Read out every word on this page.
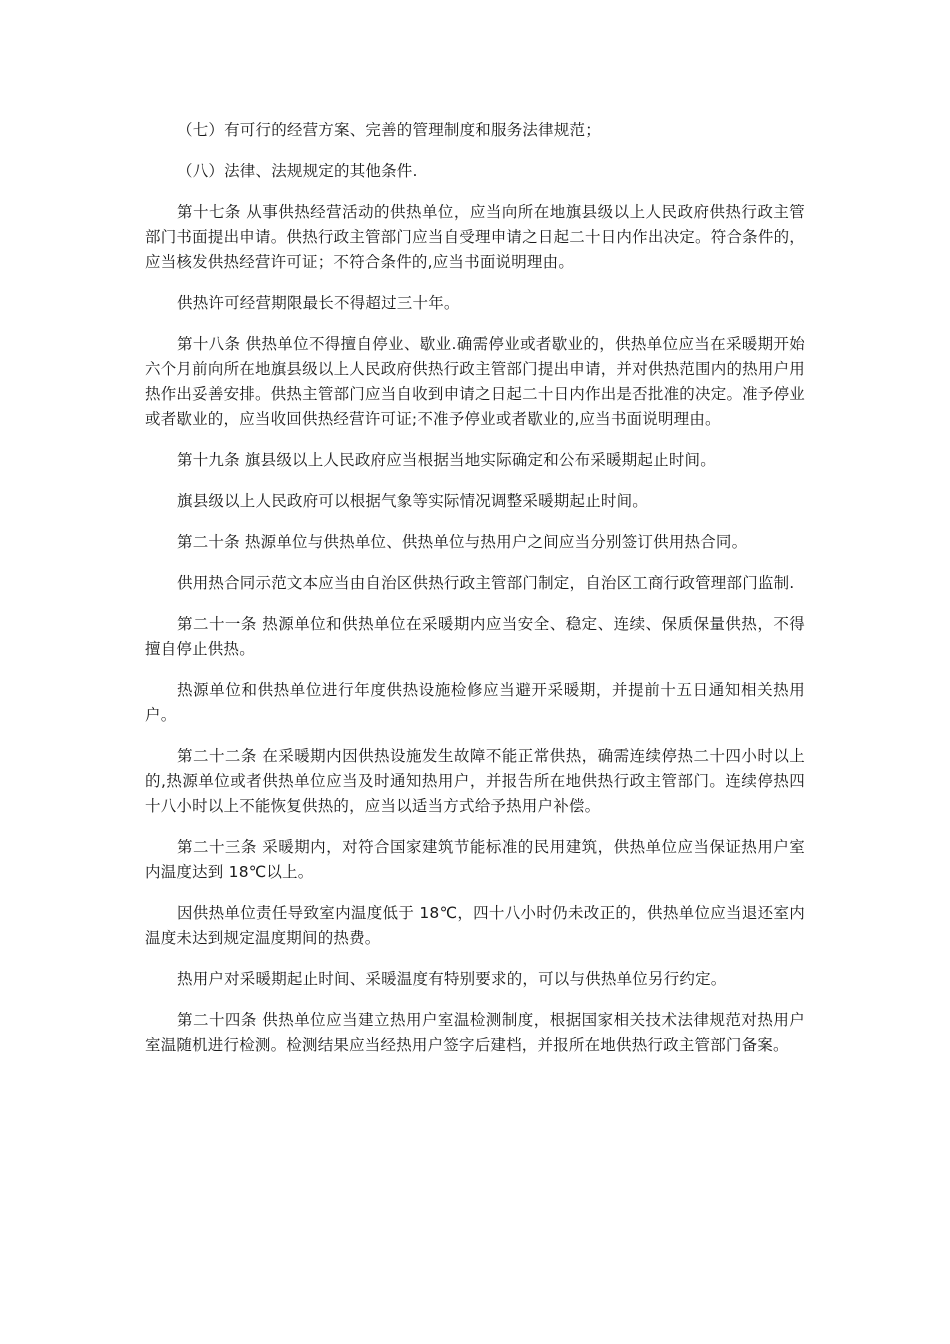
（七）有可行的经营方案、完善的管理制度和服务法律规范；

（八）法律、法规规定的其他条件.

第十七条 从事供热经营活动的供热单位，应当向所在地旗县级以上人民政府供热行政主管部门书面提出申请。供热行政主管部门应当自受理申请之日起二十日内作出决定。符合条件的，应当核发供热经营许可证；不符合条件的,应当书面说明理由。

供热许可经营期限最长不得超过三十年。

第十八条 供热单位不得擅自停业、歇业.确需停业或者歇业的，供热单位应当在采暖期开始六个月前向所在地旗县级以上人民政府供热行政主管部门提出申请，并对供热范围内的热用户用热作出妥善安排。供热主管部门应当自收到申请之日起二十日内作出是否批准的决定。准予停业或者歇业的，应当收回供热经营许可证;不准予停业或者歇业的,应当书面说明理由。

第十九条 旗县级以上人民政府应当根据当地实际确定和公布采暖期起止时间。

旗县级以上人民政府可以根据气象等实际情况调整采暖期起止时间。

第二十条 热源单位与供热单位、供热单位与热用户之间应当分别签订供用热合同。

供用热合同示范文本应当由自治区供热行政主管部门制定，自治区工商行政管理部门监制.

第二十一条 热源单位和供热单位在采暖期内应当安全、稳定、连续、保质保量供热，不得擅自停止供热。

热源单位和供热单位进行年度供热设施检修应当避开采暖期，并提前十五日通知相关热用户。

第二十二条 在采暖期内因供热设施发生故障不能正常供热，确需连续停热二十四小时以上的,热源单位或者供热单位应当及时通知热用户，并报告所在地供热行政主管部门。连续停热四十八小时以上不能恢复供热的，应当以适当方式给予热用户补偿。

第二十三条 采暖期内，对符合国家建筑节能标准的民用建筑，供热单位应当保证热用户室内温度达到 18℃以上。

因供热单位责任导致室内温度低于 18℃，四十八小时仍未改正的，供热单位应当退还室内温度未达到规定温度期间的热费。

热用户对采暖期起止时间、采暖温度有特别要求的，可以与供热单位另行约定。

第二十四条 供热单位应当建立热用户室温检测制度，根据国家相关技术法律规范对热用户室温随机进行检测。检测结果应当经热用户签字后建档，并报所在地供热行政主管部门备案。
